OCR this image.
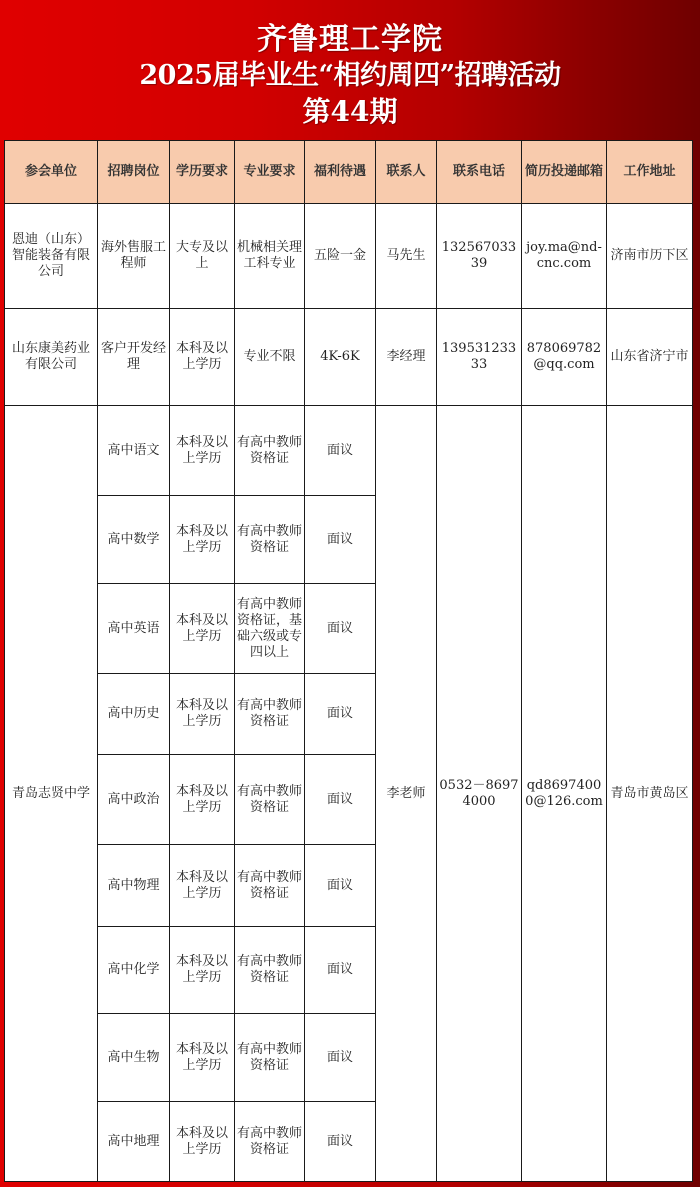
齐鲁理工学院
2025届毕业生“相约周四”招聘活动
第44期
参会单位	招聘岗位	学历要求	专业要求	福利待遇	联系人	联系电话	简历投递邮箱	工作地址
恩迪（山东）智能装备有限公司	海外售服工程师	大专及以上	机械相关理工科专业	五险一金	马先生	13256703339	joy.ma@nd-cnc.com	济南市历下区
山东康美药业有限公司	客户开发经理	本科及以上学历	专业不限	4K-6K	李经理	13953123333	878069782@qq.com	山东省济宁市
青岛志贤中学	高中语文	本科及以上学历	有高中教师资格证	面议	李老师	0532－86974000	qd86974000@126.com	青岛市黄岛区
	高中数学	本科及以上学历	有高中教师资格证	面议				
	高中英语	本科及以上学历	有高中教师资格证，基础六级或专四以上	面议				
	高中历史	本科及以上学历	有高中教师资格证	面议				
	高中政治	本科及以上学历	有高中教师资格证	面议				
	高中物理	本科及以上学历	有高中教师资格证	面议				
	高中化学	本科及以上学历	有高中教师资格证	面议				
	高中生物	本科及以上学历	有高中教师资格证	面议				
	高中地理	本科及以上学历	有高中教师资格证	面议				
